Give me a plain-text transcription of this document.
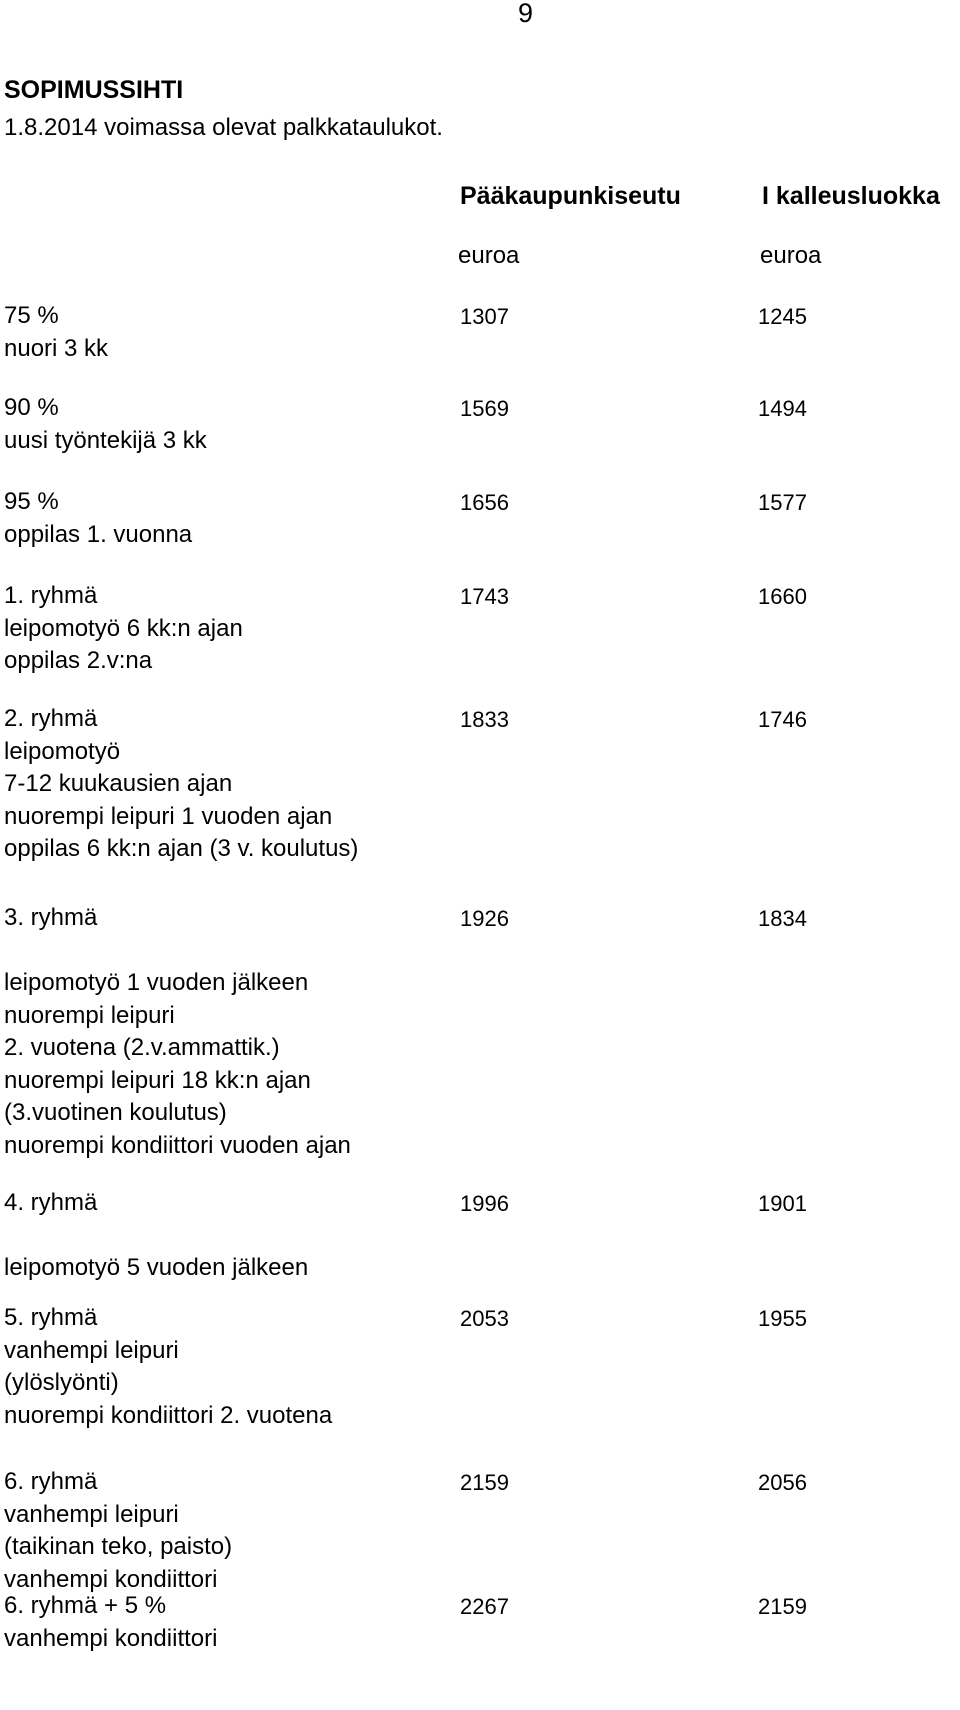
9
SOPIMUSSIHTI
1.8.2014 voimassa olevat palkkataulukot.
Pääkaupunkiseutu	I kalleusluokka
euroa	euroa
75 %
nuori 3 kk
1307	1245
90 %
uusi työntekijä 3 kk
1569	1494
95 %
oppilas 1. vuonna
1656	1577
1. ryhmä
leipomotyö 6 kk:n ajan
oppilas 2.v:na
1743	1660
2. ryhmä
leipomotyö
7-12 kuukausien ajan
nuorempi leipuri 1 vuoden ajan
oppilas 6 kk:n ajan (3 v. koulutus)
1833	1746
3. ryhmä
leipomotyö 1 vuoden jälkeen
nuorempi leipuri
2. vuotena (2.v.ammattik.)
nuorempi leipuri 18 kk:n ajan
(3.vuotinen koulutus)
nuorempi kondiittori vuoden ajan
1926	1834
4. ryhmä
leipomotyö 5 vuoden jälkeen
1996	1901
5. ryhmä
vanhempi leipuri
(ylöslyönti)
nuorempi kondiittori 2. vuotena
2053	1955
6. ryhmä
vanhempi leipuri
(taikinan teko, paisto)
vanhempi kondiittori
2159	2056
6. ryhmä + 5 %
vanhempi kondiittori
2267	2159
